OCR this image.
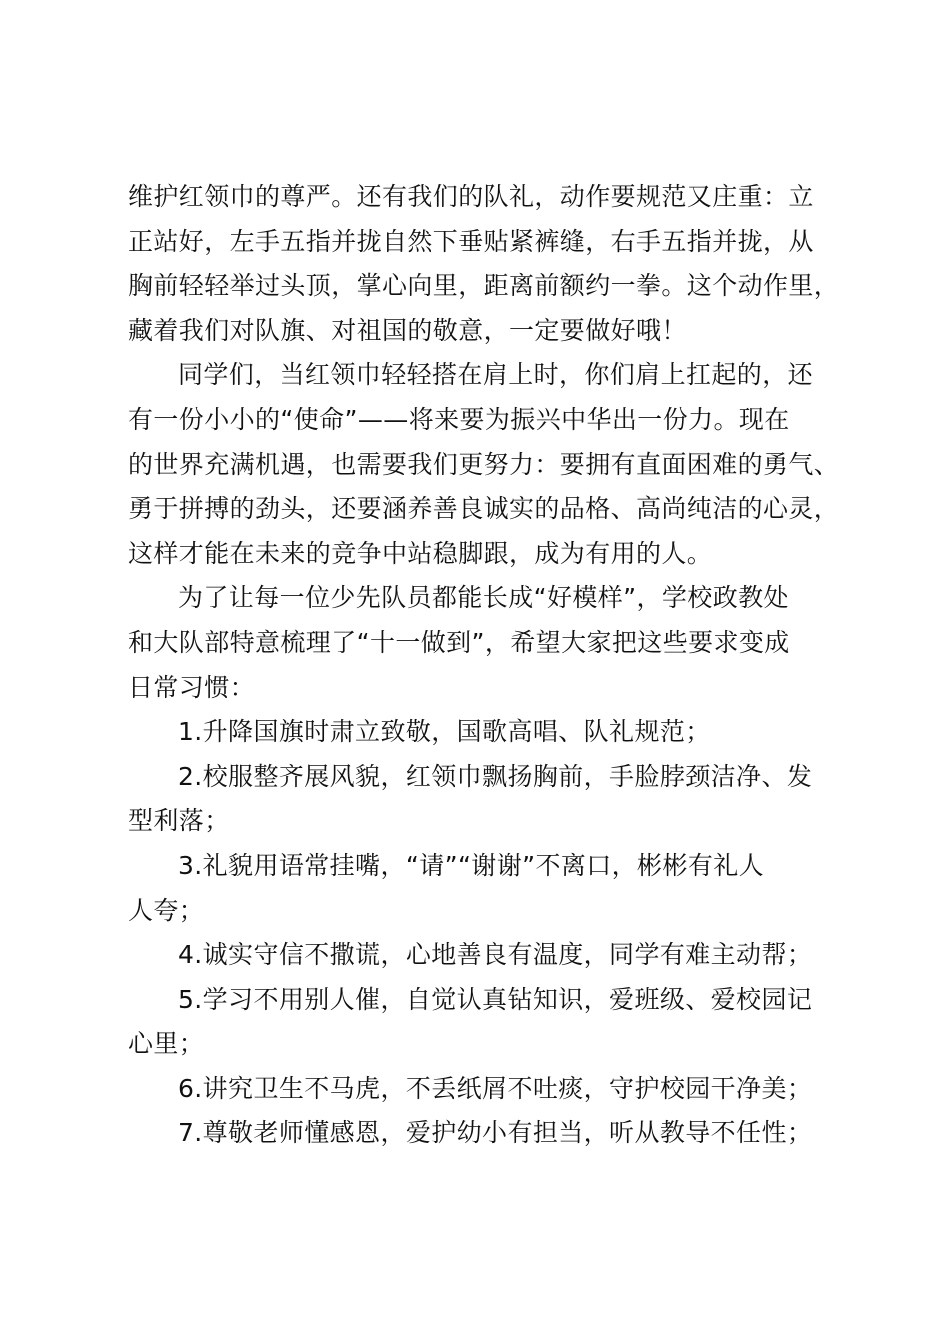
维护红领巾的尊严。还有我们的队礼，动作要规范又庄重：立
正站好，左手五指并拢自然下垂贴紧裤缝，右手五指并拢，从
胸前轻轻举过头顶，掌心向里，距离前额约一拳。这个动作里，
藏着我们对队旗、对祖国的敬意，一定要做好哦！
同学们，当红领巾轻轻搭在肩上时，你们肩上扛起的，还
有一份小小的“使命”——将来要为振兴中华出一份力。现在
的世界充满机遇，也需要我们更努力：要拥有直面困难的勇气、
勇于拼搏的劲头，还要涵养善良诚实的品格、高尚纯洁的心灵，
这样才能在未来的竞争中站稳脚跟，成为有用的人。
为了让每一位少先队员都能长成“好模样”，学校政教处
和大队部特意梳理了“十一做到”，希望大家把这些要求变成
日常习惯：
1.升降国旗时肃立致敬，国歌高唱、队礼规范；
2.校服整齐展风貌，红领巾飘扬胸前，手脸脖颈洁净、发
型利落；
3.礼貌用语常挂嘴，“请”“谢谢”不离口，彬彬有礼人
人夸；
4.诚实守信不撒谎，心地善良有温度，同学有难主动帮；
5.学习不用别人催，自觉认真钻知识，爱班级、爱校园记
心里；
6.讲究卫生不马虎，不丢纸屑不吐痰，守护校园干净美；
7.尊敬老师懂感恩，爱护幼小有担当，听从教导不任性；
